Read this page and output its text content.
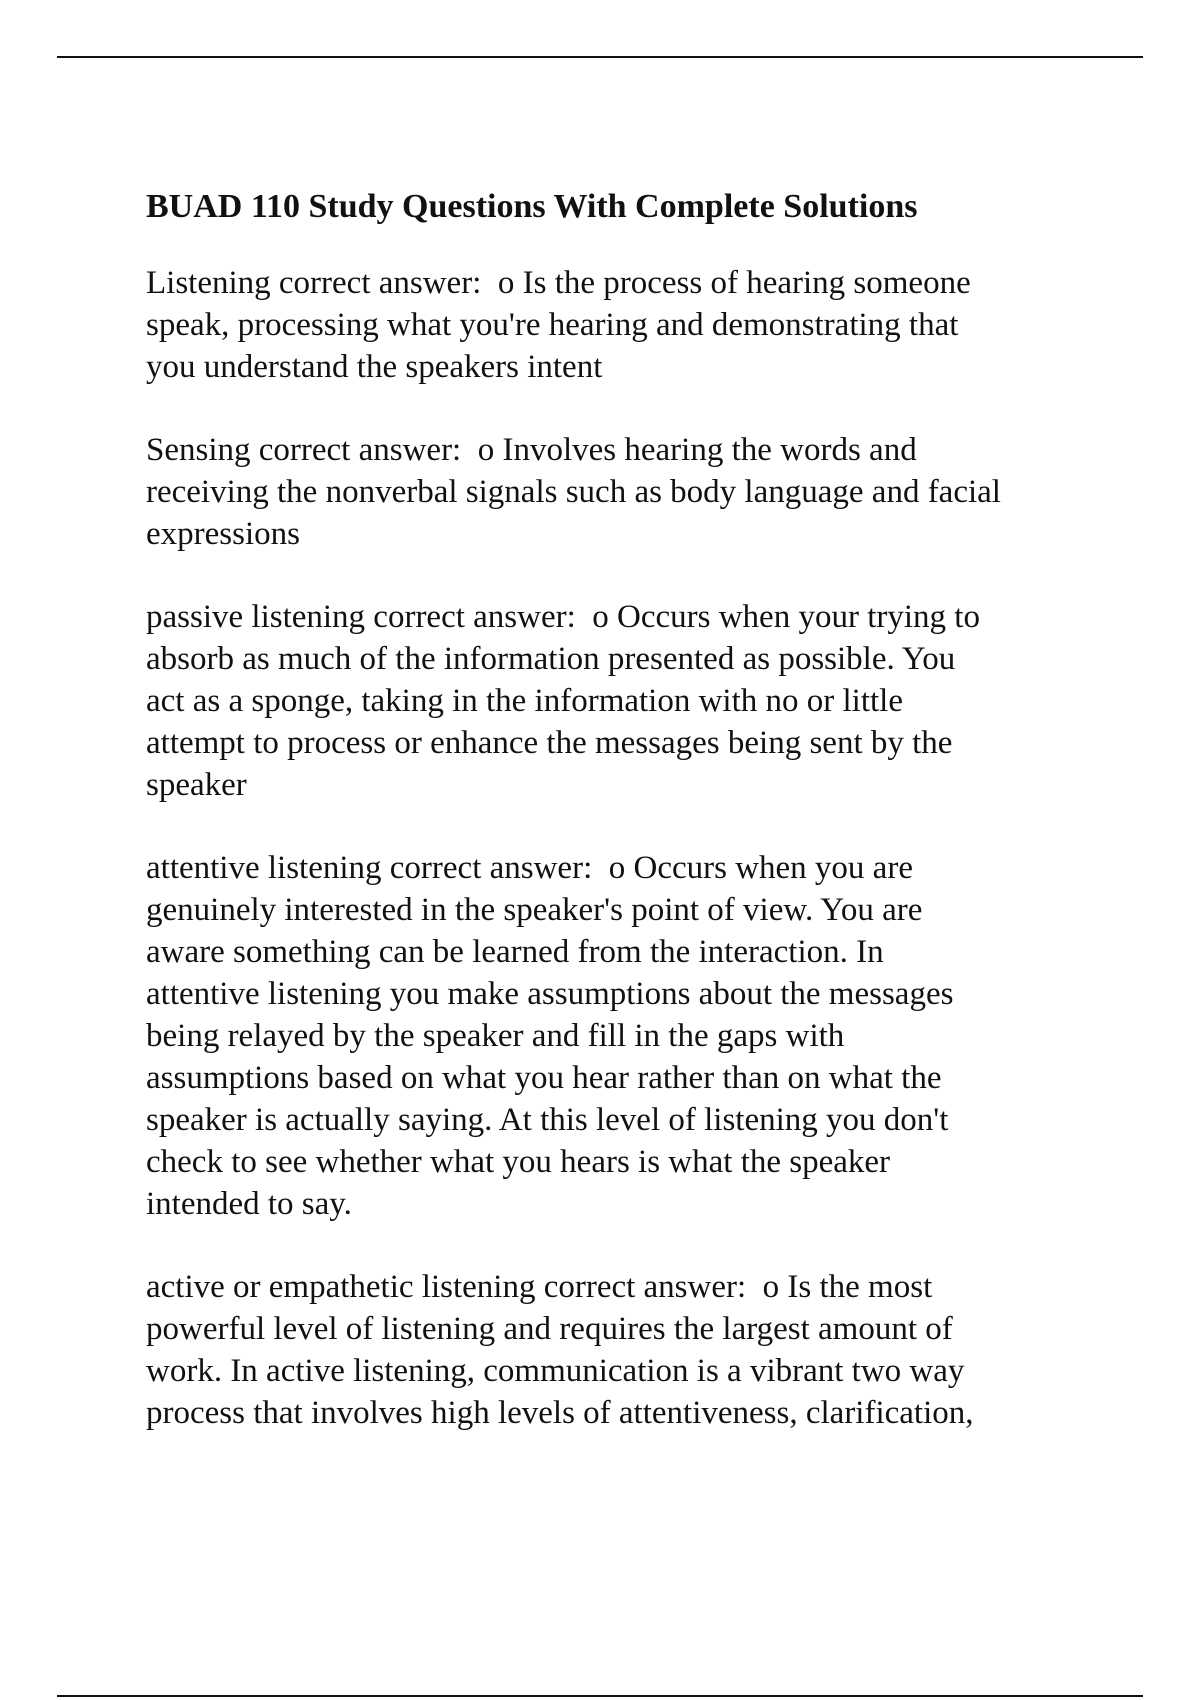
BUAD 110 Study Questions With Complete Solutions
Listening correct answer:  o Is the process of hearing someone
speak, processing what you're hearing and demonstrating that
you understand the speakers intent
Sensing correct answer:  o Involves hearing the words and
receiving the nonverbal signals such as body language and facial
expressions
passive listening correct answer:  o Occurs when your trying to
absorb as much of the information presented as possible. You
act as a sponge, taking in the information with no or little
attempt to process or enhance the messages being sent by the
speaker
attentive listening correct answer:  o Occurs when you are
genuinely interested in the speaker's point of view. You are
aware something can be learned from the interaction. In
attentive listening you make assumptions about the messages
being relayed by the speaker and fill in the gaps with
assumptions based on what you hear rather than on what the
speaker is actually saying. At this level of listening you don't
check to see whether what you hears is what the speaker
intended to say.
active or empathetic listening correct answer:  o Is the most
powerful level of listening and requires the largest amount of
work. In active listening, communication is a vibrant two way
process that involves high levels of attentiveness, clarification,
